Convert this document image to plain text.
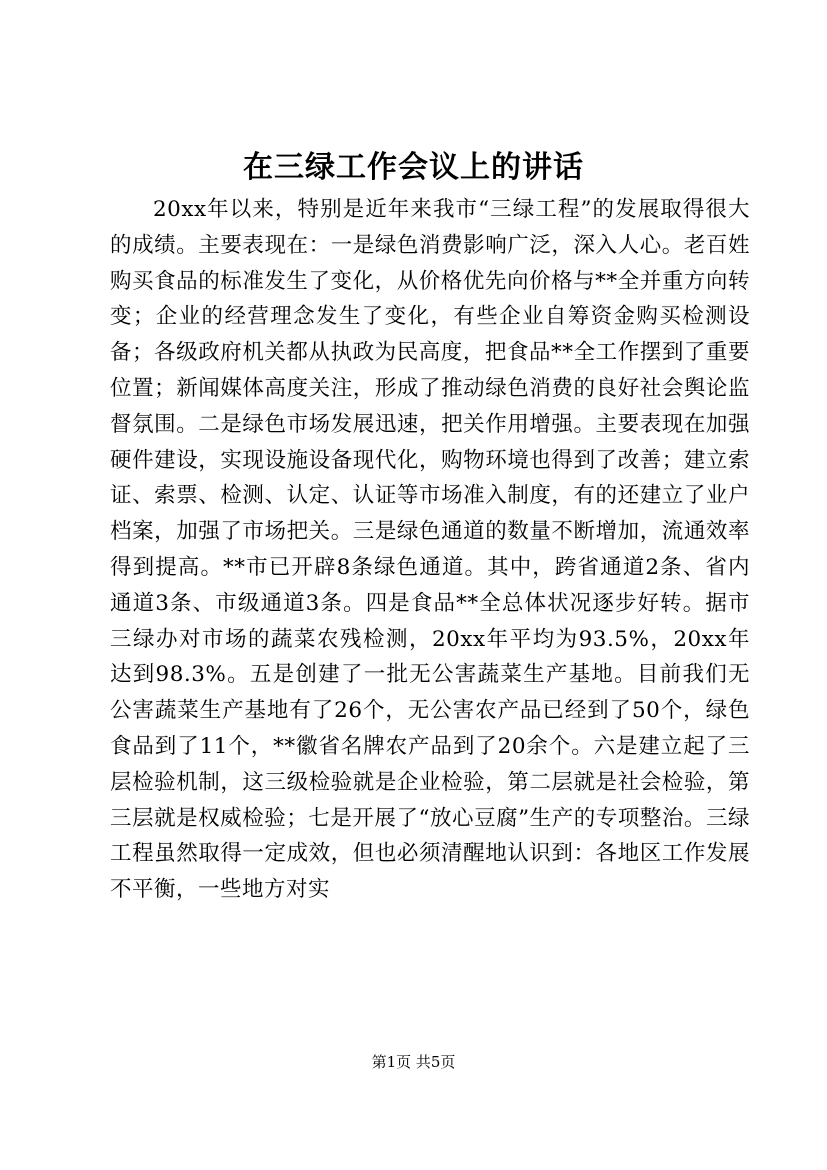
在三绿工作会议上的讲话

20xx年以来，特别是近年来我市“三绿工程”的发展取得很大的成绩。主要表现在：一是绿色消费影响广泛，深入人心。老百姓购买食品的标准发生了变化，从价格优先向价格与**全并重方向转变；企业的经营理念发生了变化，有些企业自筹资金购买检测设备；各级政府机关都从执政为民高度，把食品**全工作摆到了重要位置；新闻媒体高度关注，形成了推动绿色消费的良好社会舆论监督氛围。二是绿色市场发展迅速，把关作用增强。主要表现在加强硬件建设，实现设施设备现代化，购物环境也得到了改善；建立索证、索票、检测、认定、认证等市场准入制度，有的还建立了业户档案，加强了市场把关。三是绿色通道的数量不断增加，流通效率得到提高。**市已开辟8条绿色通道。其中，跨省通道2条、省内通道3条、市级通道3条。四是食品**全总体状况逐步好转。据市三绿办对市场的蔬菜农残检测，20xx年平均为93.5%，20xx年达到98.3%。五是创建了一批无公害蔬菜生产基地。目前我们无公害蔬菜生产基地有了26个，无公害农产品已经到了50个，绿色食品到了11个，**徽省名牌农产品到了20余个。六是建立起了三层检验机制，这三级检验就是企业检验，第二层就是社会检验，第三层就是权威检验；七是开展了“放心豆腐”生产的专项整治。三绿工程虽然取得一定成效，但也必须清醒地认识到：各地区工作发展不平衡，一些地方对实

第1页 共5页
